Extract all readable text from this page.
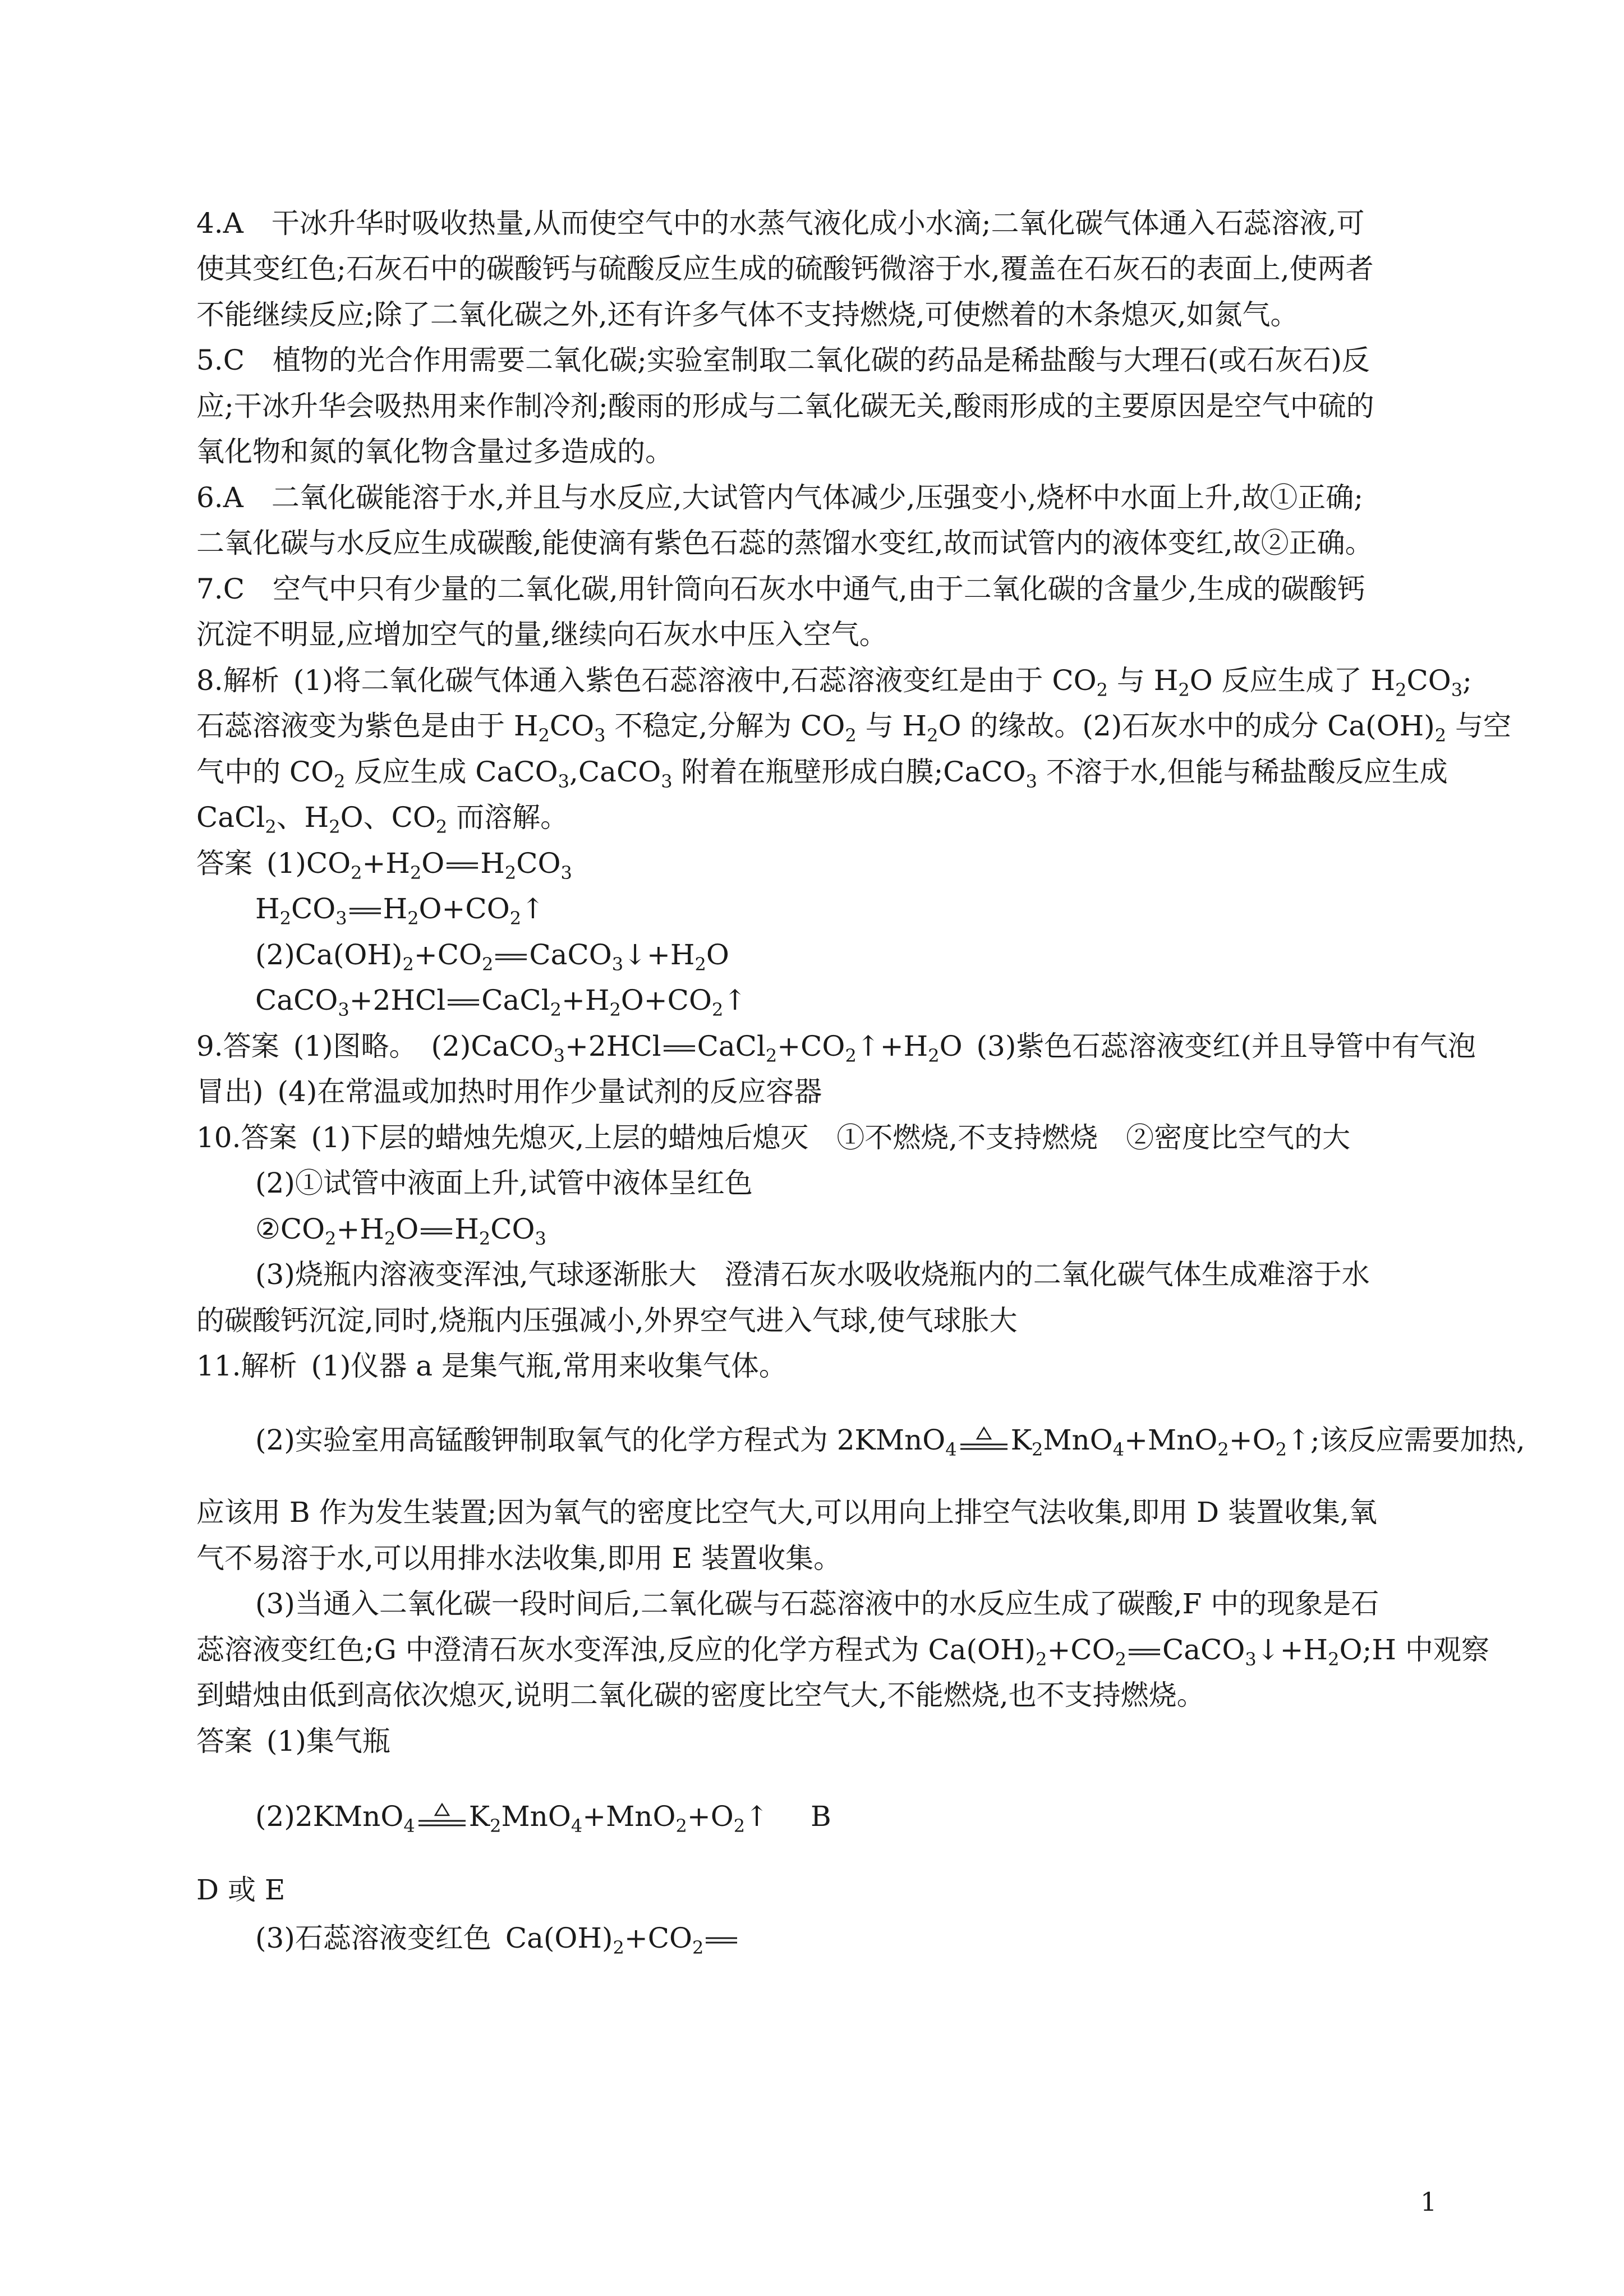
4.A　干冰升华时吸收热量,从而使空气中的水蒸气液化成小水滴;二氧化碳气体通入石蕊溶液,可
使其变红色;石灰石中的碳酸钙与硫酸反应生成的硫酸钙微溶于水,覆盖在石灰石的表面上,使两者
不能继续反应;除了二氧化碳之外,还有许多气体不支持燃烧,可使燃着的木条熄灭,如氮气。
5.C　植物的光合作用需要二氧化碳;实验室制取二氧化碳的药品是稀盐酸与大理石(或石灰石)反
应;干冰升华会吸热用来作制冷剂;酸雨的形成与二氧化碳无关,酸雨形成的主要原因是空气中硫的
氧化物和氮的氧化物含量过多造成的。
6.A　二氧化碳能溶于水,并且与水反应,大试管内气体减少,压强变小,烧杯中水面上升,故①正确;
二氧化碳与水反应生成碳酸,能使滴有紫色石蕊的蒸馏水变红,故而试管内的液体变红,故②正确。
7.C　空气中只有少量的二氧化碳,用针筒向石灰水中通气,由于二氧化碳的含量少,生成的碳酸钙
沉淀不明显,应增加空气的量,继续向石灰水中压入空气。
8.解析 (1)将二氧化碳气体通入紫色石蕊溶液中,石蕊溶液变红是由于 $CO_2$ 与 $H_2O$ 反应生成了 $H_2CO_3$;
石蕊溶液变为紫色是由于 $H_2CO_3$ 不稳定,分解为 $CO_2$ 与 $H_2O$ 的缘故。(2)石灰水中的成分 $Ca(OH)_2$ 与空
气中的 $CO_2$ 反应生成 CaCO$_3$,CaCO$_3$ 附着在瓶壁形成白膜;CaCO$_3$ 不溶于水,但能与稀盐酸反应生成
CaCl$_2$、$H_2O$、$CO_2$ 而溶解。
答案 $(1)CO_2+H_2O$ $H_2CO_3$
$H_2CO_3$ $H_2O+CO_2↑$
$(2)Ca(OH)_2+CO_2$ $CaCO_3↓+H_2O$
CaCO$_3$+2HCl $CaCl_2+H_2O+CO_2↑$
9.答案 (1)图略。　(2)CaCO$_3$+2HCl $CaCl_2+CO_2↑+H_2O$ (3)紫色石蕊溶液变红(并且导管中有气泡
冒出) (4)在常温或加热时用作少量试剂的反应容器
10.答案 (1)下层的蜡烛先熄灭,上层的蜡烛后熄灭　①不燃烧,不支持燃烧　②密度比空气的大
(2)①试管中液面上升,试管中液体呈红色
$②CO_2+H_2O$ $H_2CO_3$
(3)烧瓶内溶液变浑浊,气球逐渐胀大　澄清石灰水吸收烧瓶内的二氧化碳气体生成难溶于水
的碳酸钙沉淀,同时,烧瓶内压强减小,外界空气进入气球,使气球胀大
11.解析 (1)仪器 a 是集气瓶,常用来收集气体。
(2)实验室用高锰酸钾制取氧气的化学方程式为 2KMnO$_4$ $K_2MnO_4+MnO_2+O_2↑$;该反应需要加热,
应该用 B 作为发生装置;因为氧气的密度比空气大,可以用向上排空气法收集,即用 D 装置收集,氧
气不易溶于水,可以用排水法收集,即用 E 装置收集。
(3)当通入二氧化碳一段时间后,二氧化碳与石蕊溶液中的水反应生成了碳酸,F 中的现象是石
蕊溶液变红色;G 中澄清石灰水变浑浊,反应的化学方程式为 $Ca(OH)_2+CO_2$ $CaCO_3↓+H_2O;H$ 中观察
到蜡烛由低到高依次熄灭,说明二氧化碳的密度比空气大,不能燃烧,也不支持燃烧。
答案 (1)集气瓶
(2)2KMnO$_4$ $K_2MnO_4+MnO_2+O_2↑$　 B
D 或 E
(3)石蕊溶液变红色 $Ca(OH)_2+CO_2$
1
